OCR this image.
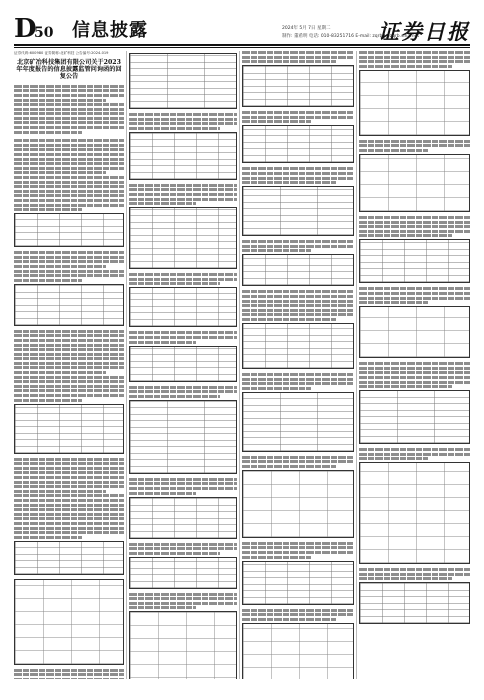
D
50 信息披露	2024年 5月 7日 星期二
制作: 董希明 电话: 010-83251716 E-mail: zqrb9@zqrb.sina.net
证券日报
证券代码:600980 证券简称:北矿科技 公告编号:2024-019
北京矿冶科技集团有限公司关于2023年年度报告的信息披露监管问询函的回复公告
